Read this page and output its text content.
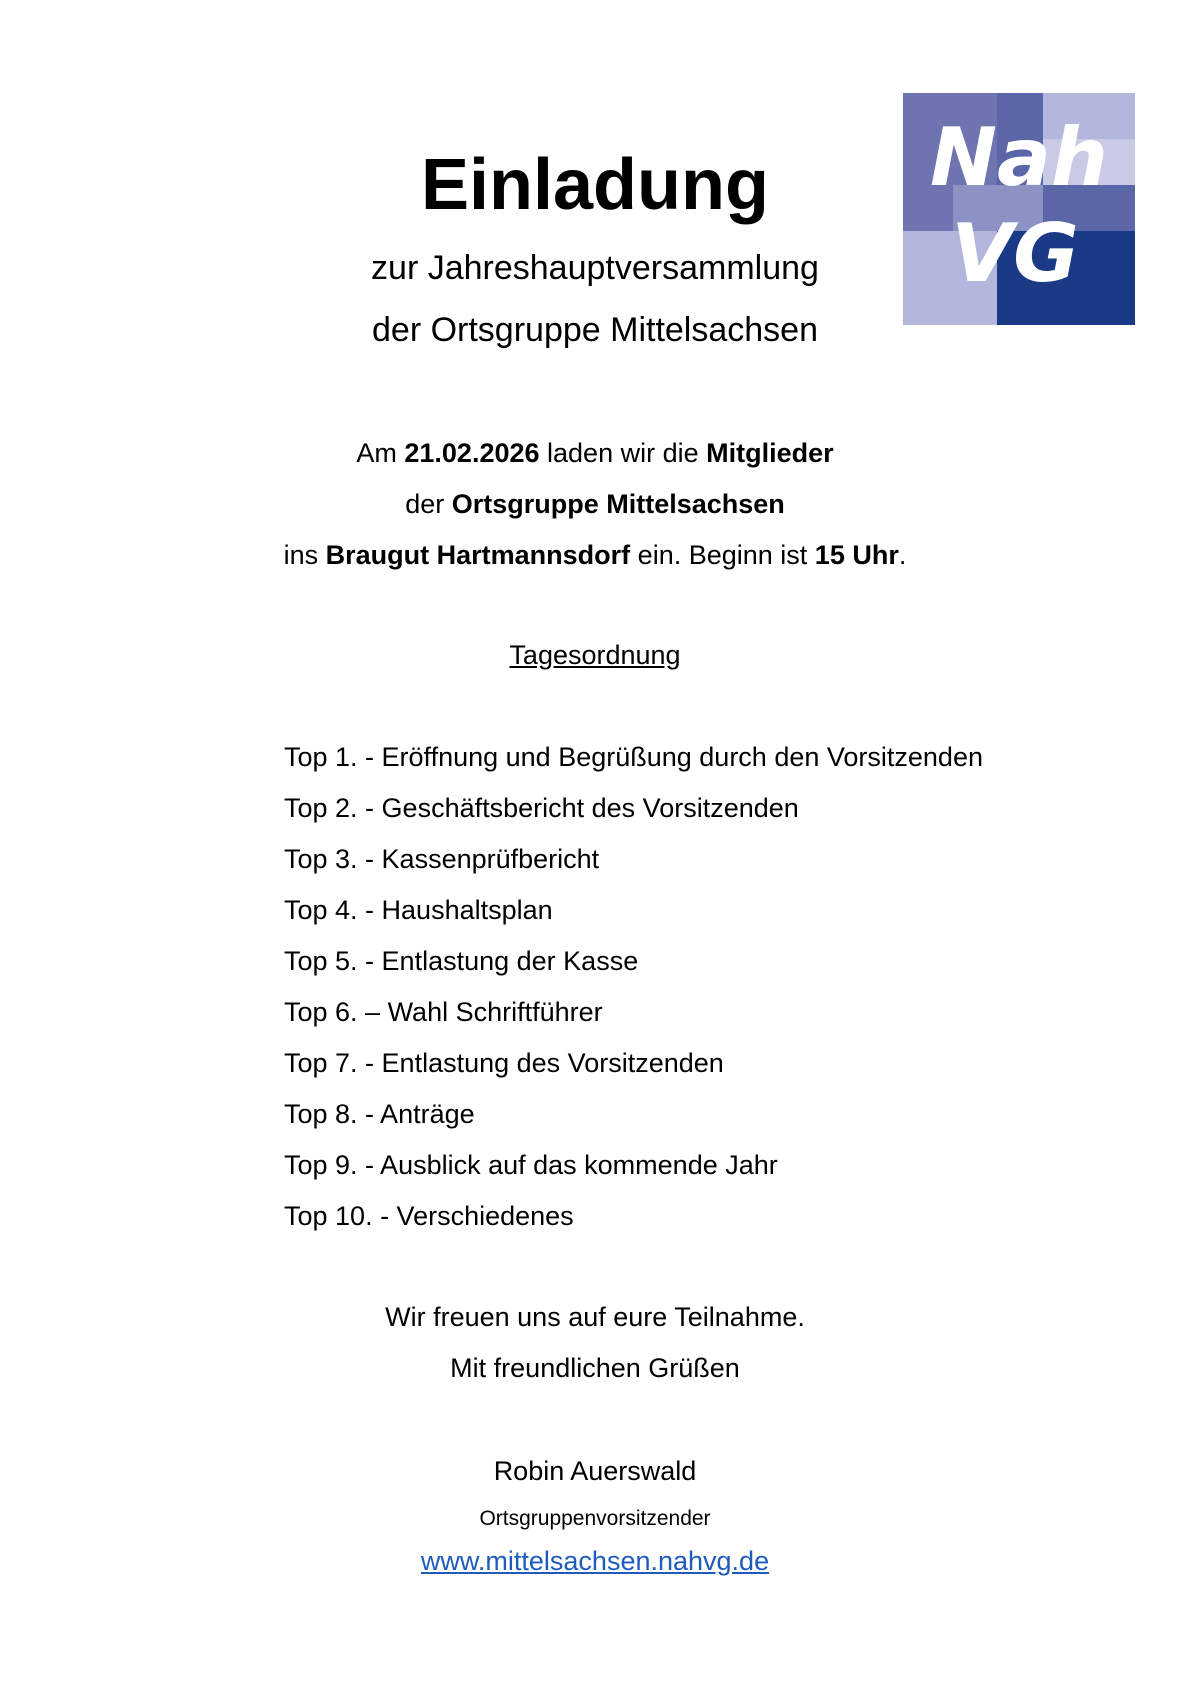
Nah
VG
Einladung
zur Jahreshauptversammlung
der Ortsgruppe Mittelsachsen
Am 21.02.2026 laden wir die Mitglieder
der Ortsgruppe Mittelsachsen
ins Braugut Hartmannsdorf ein. Beginn ist 15 Uhr.
Tagesordnung
Top 1. - Eröffnung und Begrüßung durch den Vorsitzenden
Top 2. - Geschäftsbericht des Vorsitzenden
Top 3. - Kassenprüfbericht
Top 4. - Haushaltsplan
Top 5. - Entlastung der Kasse
Top 6. – Wahl Schriftführer
Top 7. - Entlastung des Vorsitzenden
Top 8. - Anträge
Top 9. - Ausblick auf das kommende Jahr
Top 10. - Verschiedenes
Wir freuen uns auf eure Teilnahme.
Mit freundlichen Grüßen
Robin Auerswald
Ortsgruppenvorsitzender
www.mittelsachsen.nahvg.de
